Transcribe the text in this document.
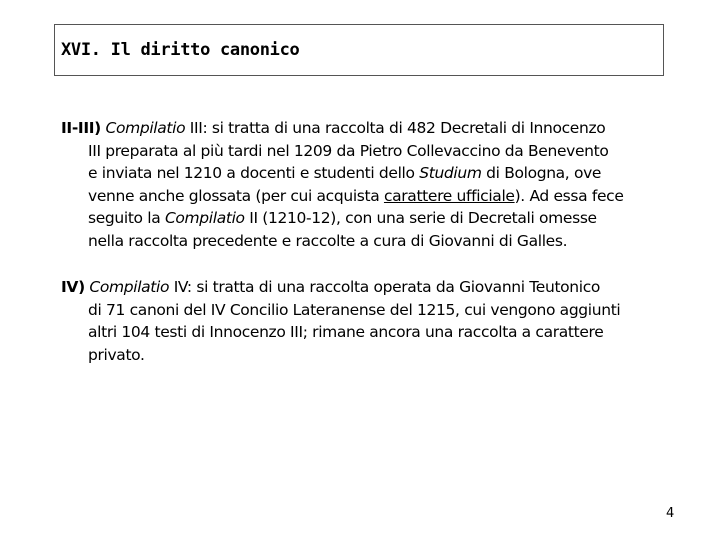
XVI. Il diritto canonico
II-III) Compilatio III: si tratta di una raccolta di 482 Decretali di Innocenzo
III preparata al più tardi nel 1209 da Pietro Collevaccino da Benevento
e inviata nel 1210 a docenti e studenti dello Studium di Bologna, ove
venne anche glossata (per cui acquista carattere ufficiale). Ad essa fece
seguito la Compilatio II (1210-12), con una serie di Decretali omesse
nella raccolta precedente e raccolte a cura di Giovanni di Galles.
IV) Compilatio IV: si tratta di una raccolta operata da Giovanni Teutonico
di 71 canoni del IV Concilio Lateranense del 1215, cui vengono aggiunti
altri 104 testi di Innocenzo III; rimane ancora una raccolta a carattere
privato.
4
